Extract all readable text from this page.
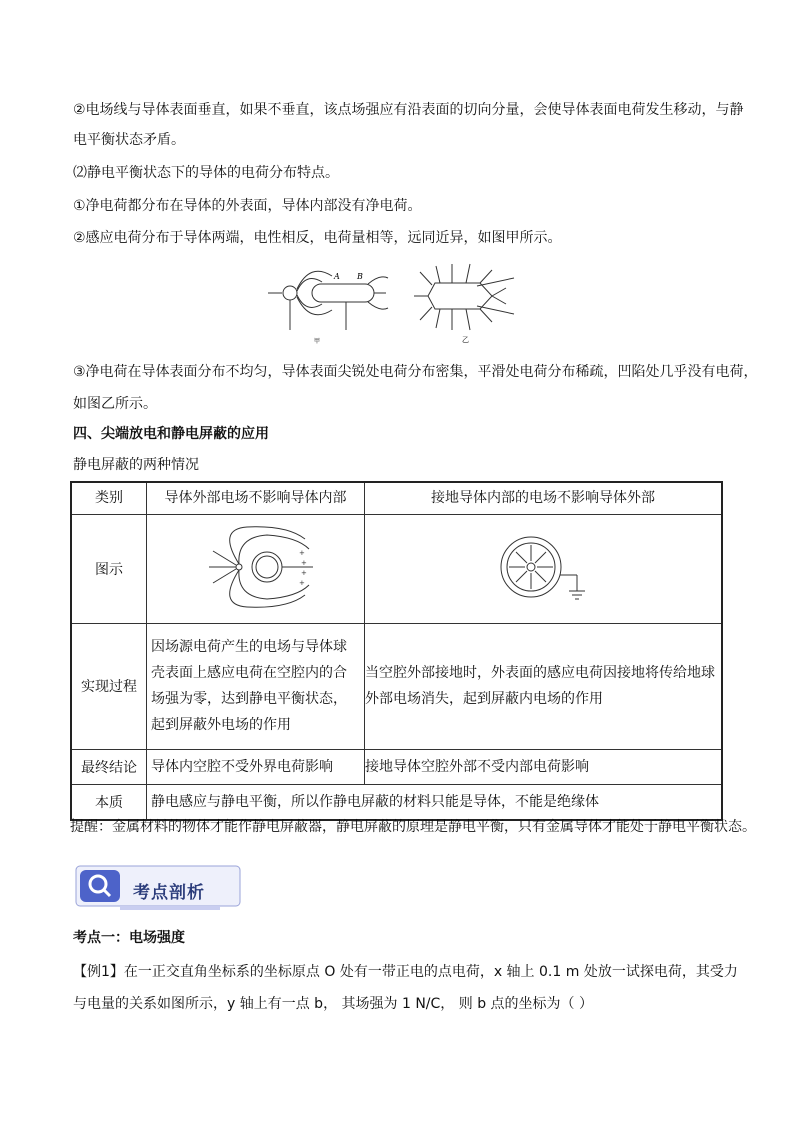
②电场线与导体表面垂直，如果不垂直，该点场强应有沿表面的切向分量，会使导体表面电荷发生移动，与静
电平衡状态矛盾。
⑵静电平衡状态下的导体的电荷分布特点。
①净电荷都分布在导体的外表面，导体内部没有净电荷。
②感应电荷分布于导体两端，电性相反，电荷量相等，远同近异，如图甲所示。
A B
甲	乙
③净电荷在导体表面分布不均匀，导体表面尖锐处电荷分布密集，平滑处电荷分布稀疏，凹陷处几乎没有电荷，
如图乙所示。
四、尖端放电和静电屏蔽的应用
静电屏蔽的两种情况
类别	导体外部电场不影响导体内部	接地导体内部的电场不影响导体外部
图示	+
+
+
+

实现过程	因场源电荷产生的电场与导体球壳表面上感应电荷在空腔内的合场强为零，达到静电平衡状态，起到屏蔽外电场的作用	当空腔外部接地时，外表面的感应电荷因接地将传给地球外部电场消失，起到屏蔽内电场的作用

最终结论	导体内空腔不受外界电荷影响	接地导体空腔外部不受内部电荷影响

本质	静电感应与静电平衡，所以作静电屏蔽的材料只能是导体，不能是绝缘体	
提醒：金属材料的物体才能作静电屏蔽器，静电屏蔽的原理是静电平衡，只有金属导体才能处于静电平衡状态。
考点剖析
考点一：电场强度
【例1】在一正交直角坐标系的坐标原点 O 处有一带正电的点电荷，x 轴上 0.1 m 处放一试探电荷，其受力
与电量的关系如图所示，y 轴上有一点 b， 其场强为 1 N/C， 则 b 点的坐标为（ ）
